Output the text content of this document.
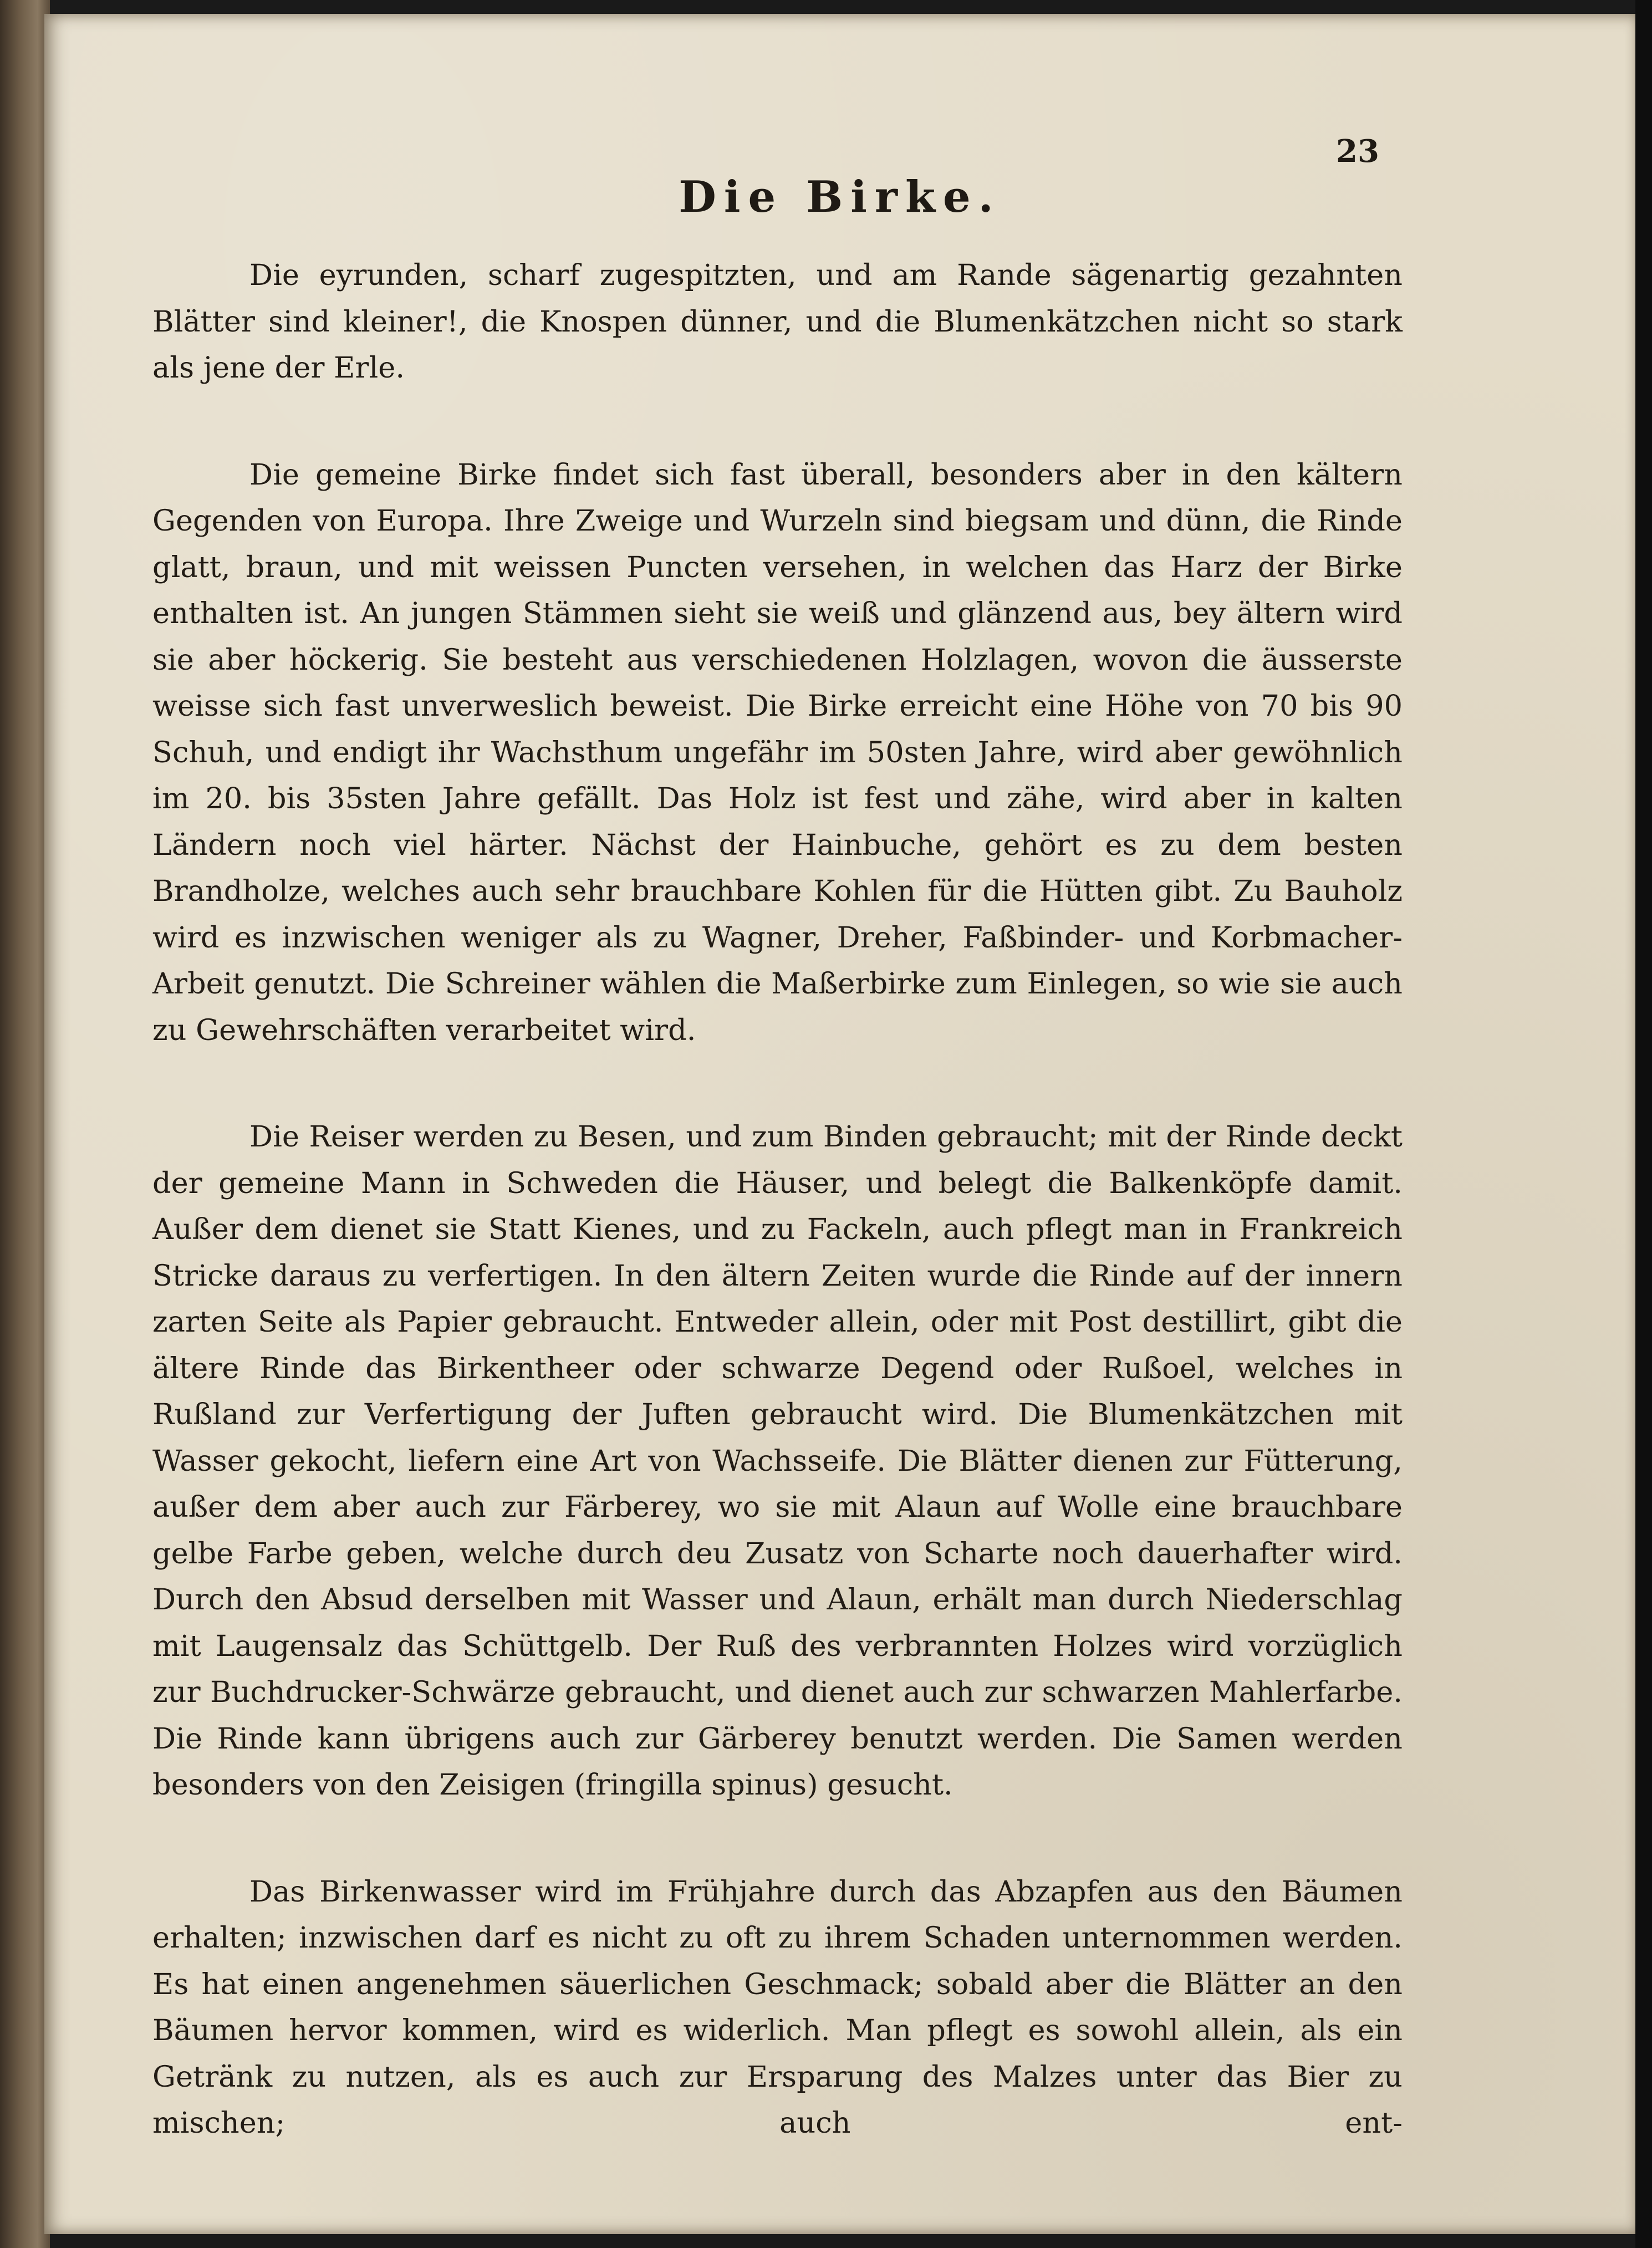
23
Die Birke.

Die eyrunden, scharf zugespitzten, und am Rande sägenartig gezahnten Blätter sind kleiner!, die Knospen dünner, und die Blumenkätzchen nicht so stark als jene der Erle.

Die gemeine Birke findet sich fast überall, besonders aber in den kältern Gegenden von Europa. Ihre Zweige und Wurzeln sind biegsam und dünn, die Rinde glatt, braun, und mit weissen Puncten versehen, in welchen das Harz der Birke enthalten ist. An jungen Stämmen sieht sie weiß und glänzend aus, bey ältern wird sie aber höckerig. Sie besteht aus verschiedenen Holzlagen, wovon die äusserste weisse sich fast unverweslich beweist. Die Birke erreicht eine Höhe von 70 bis 90 Schuh, und endigt ihr Wachsthum ungefähr im 50sten Jahre, wird aber gewöhnlich im 20. bis 35sten Jahre gefällt. Das Holz ist fest und zähe, wird aber in kalten Ländern noch viel härter. Nächst der Hainbuche, gehört es zu dem besten Brandholze, welches auch sehr brauchbare Kohlen für die Hütten gibt. Zu Bauholz wird es inzwischen weniger als zu Wagner, Dreher, Faßbinder- und Korbmacher-Arbeit genutzt. Die Schreiner wählen die Maßerbirke zum Einlegen, so wie sie auch zu Gewehrschäften verarbeitet wird.

Die Reiser werden zu Besen, und zum Binden gebraucht; mit der Rinde deckt der gemeine Mann in Schweden die Häuser, und belegt die Balkenköpfe damit. Außer dem dienet sie Statt Kienes, und zu Fackeln, auch pflegt man in Frankreich Stricke daraus zu verfertigen. In den ältern Zeiten wurde die Rinde auf der innern zarten Seite als Papier gebraucht. Entweder allein, oder mit Post destillirt, gibt die ältere Rinde das Birkentheer oder schwarze Degend oder Rußoel, welches in Rußland zur Verfertigung der Juften gebraucht wird. Die Blumenkätzchen mit Wasser gekocht, liefern eine Art von Wachsseife. Die Blätter dienen zur Fütterung, außer dem aber auch zur Färberey, wo sie mit Alaun auf Wolle eine brauchbare gelbe Farbe geben, welche durch deu Zusatz von Scharte noch dauerhafter wird. Durch den Absud derselben mit Wasser und Alaun, erhält man durch Niederschlag mit Laugensalz das Schüttgelb. Der Ruß des verbrannten Holzes wird vorzüglich zur Buchdrucker-Schwärze gebraucht, und dienet auch zur schwarzen Mahlerfarbe. Die Rinde kann übrigens auch zur Gärberey benutzt werden. Die Samen werden besonders von den Zeisigen (fringilla spinus) gesucht.

Das Birkenwasser wird im Frühjahre durch das Abzapfen aus den Bäumen erhalten; inzwischen darf es nicht zu oft zu ihrem Schaden unternommen werden. Es hat einen angenehmen säuerlichen Geschmack; sobald aber die Blätter an den Bäumen hervor kommen, wird es widerlich. Man pflegt es sowohl allein, als ein Getränk zu nutzen, als es auch zur Ersparung des Malzes unter das Bier zu mischen; auch ent-
